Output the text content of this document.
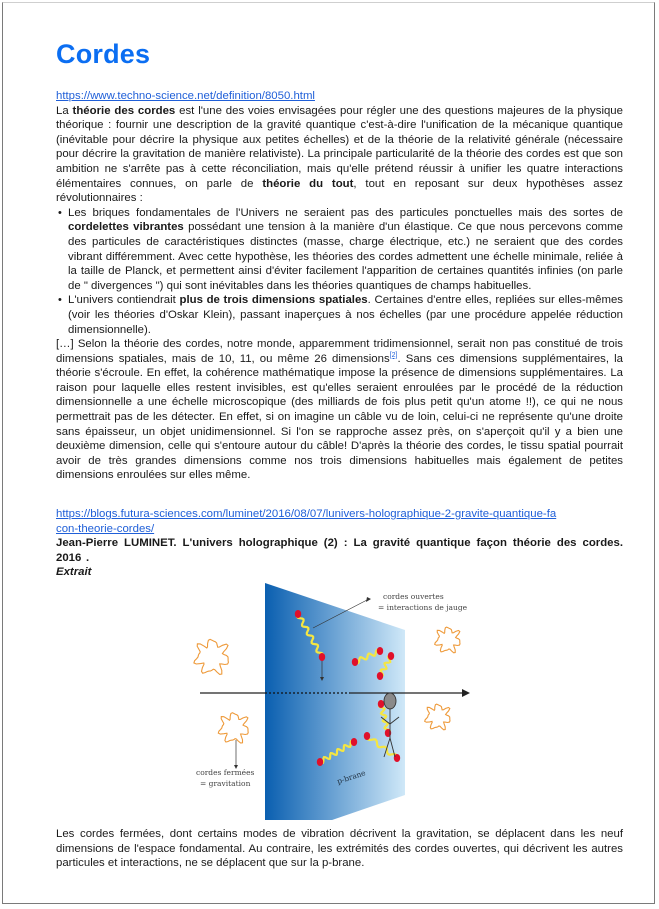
Cordes
https://www.techno-science.net/definition/8050.html

La théorie des cordes est l'une des voies envisagées pour régler une des questions majeures de la physique théorique : fournir une description de la gravité quantique c'est-à-dire l'unification de la mécanique quantique (inévitable pour décrire la physique aux petites échelles) et de la théorie de la relativité générale (nécessaire pour décrire la gravitation de manière relativiste). La principale particularité de la théorie des cordes est que son ambition ne s'arrête pas à cette réconciliation, mais qu'elle prétend réussir à unifier les quatre interactions élémentaires connues, on parle de théorie du tout, tout en reposant sur deux hypothèses assez révolutionnaires :

• Les briques fondamentales de l'Univers ne seraient pas des particules ponctuelles mais des sortes de cordelettes vibrantes possédant une tension à la manière d'un élastique. Ce que nous percevons comme des particules de caractéristiques distinctes (masse, charge électrique, etc.) ne seraient que des cordes vibrant différemment. Avec cette hypothèse, les théories des cordes admettent une échelle minimale, reliée à la taille de Planck, et permettent ainsi d'éviter facilement l'apparition de certaines quantités infinies (on parle de " divergences ") qui sont inévitables dans les théories quantiques de champs habituelles.
• L'univers contiendrait plus de trois dimensions spatiales. Certaines d'entre elles, repliées sur elles-mêmes (voir les théories d'Oskar Klein), passant inaperçues à nos échelles (par une procédure appelée réduction dimensionnelle).

[…] Selon la théorie des cordes, notre monde, apparemment tridimensionnel, serait non pas constitué de trois dimensions spatiales, mais de 10, 11, ou même 26 dimensions[2]. Sans ces dimensions supplémentaires, la théorie s'écroule. En effet, la cohérence mathématique impose la présence de dimensions supplémentaires. La raison pour laquelle elles restent invisibles, est qu'elles seraient enroulées par le procédé de la réduction dimensionnelle a une échelle microscopique (des milliards de fois plus petit qu'un atome !!), ce qui ne nous permettrait pas de les détecter. En effet, si on imagine un câble vu de loin, celui-ci ne représente qu'une droite sans épaisseur, un objet unidimensionnel. Si l'on se rapproche assez près, on s'aperçoit qu'il y a bien une deuxième dimension, celle qui s'entoure autour du câble! D'après la théorie des cordes, le tissu spatial pourrait avoir de très grandes dimensions comme nos trois dimensions habituelles mais également de petites dimensions enroulées sur elles même.

https://blogs.futura-sciences.com/luminet/2016/08/07/lunivers-holographique-2-gravite-quantique-facon-theorie-cordes/

Jean-Pierre LUMINET. L'univers holographique (2) : La gravité quantique façon théorie des cordes. 2016 .

Extrait

Les cordes fermées, dont certains modes de vibration décrivent la gravitation, se déplacent dans les neuf dimensions de l'espace fondamental. Au contraire, les extrémités des cordes ouvertes, qui décrivent les autres particules et interactions, ne se déplacent que sur la p-brane.

cordes ouvertes
= interactions de jauge
cordes fermées
= gravitation	p-brane
